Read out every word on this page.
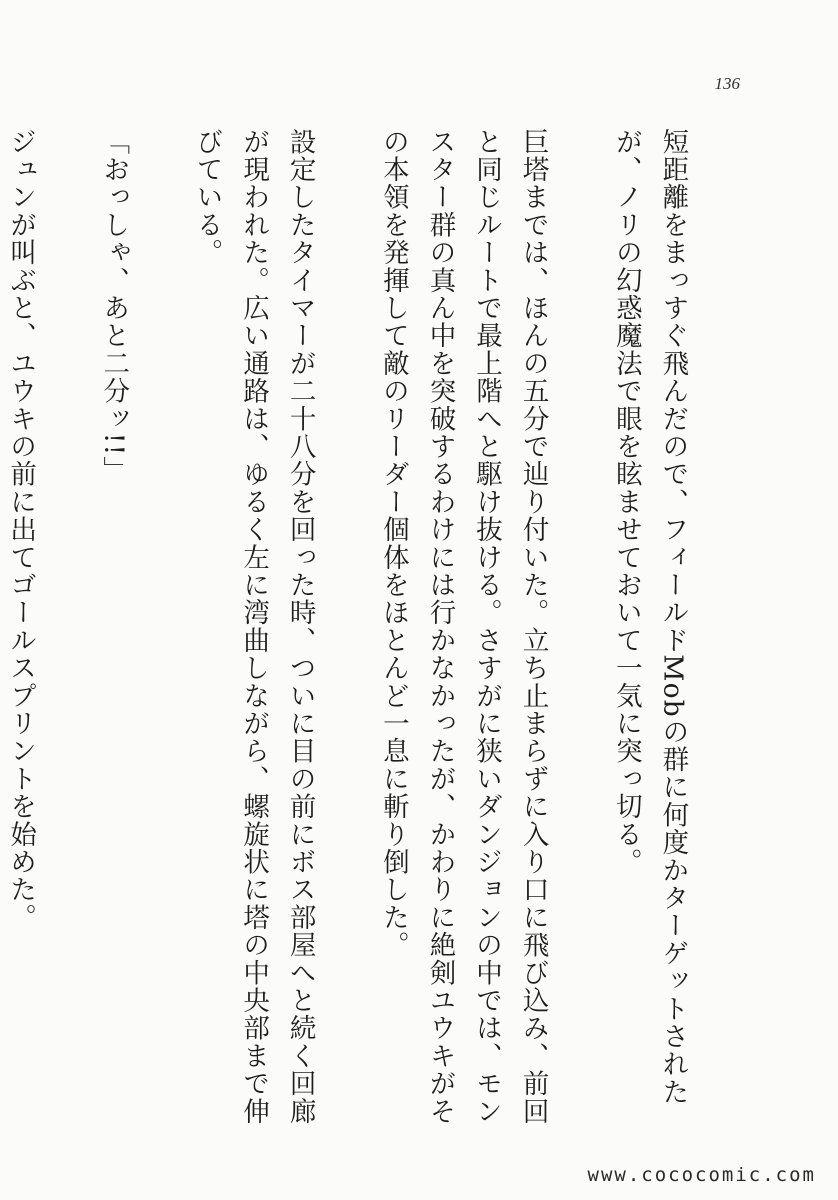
136

短距離をまっすぐ飛んだので、フィールドMobの群に何度かターゲットされたが、ノリの幻惑魔法で眼を眩ませておいて一気に突っ切る。

巨塔までは、ほんの五分で辿り付いた。立ち止まらずに入り口に飛び込み、前回と同じルートで最上階へと駆け抜ける。さすがに狭いダンジョンの中では、モンスター群の真ん中を突破するわけには行かなかったが、かわりに絶剣ユウキがその本領を発揮して敵のリーダー個体をほとんど一息に斬り倒した。

設定したタイマーが二十八分を回った時、ついに目の前にボス部屋へと続く回廊が現われた。広い通路は、ゆるく左に湾曲しながら、螺旋状に塔の中央部まで伸びている。

「おっしゃ、あと二分ッ!!」

ジュンが叫ぶと、ユウキの前に出てゴールスプリントを始めた。

www.cococomic.com
